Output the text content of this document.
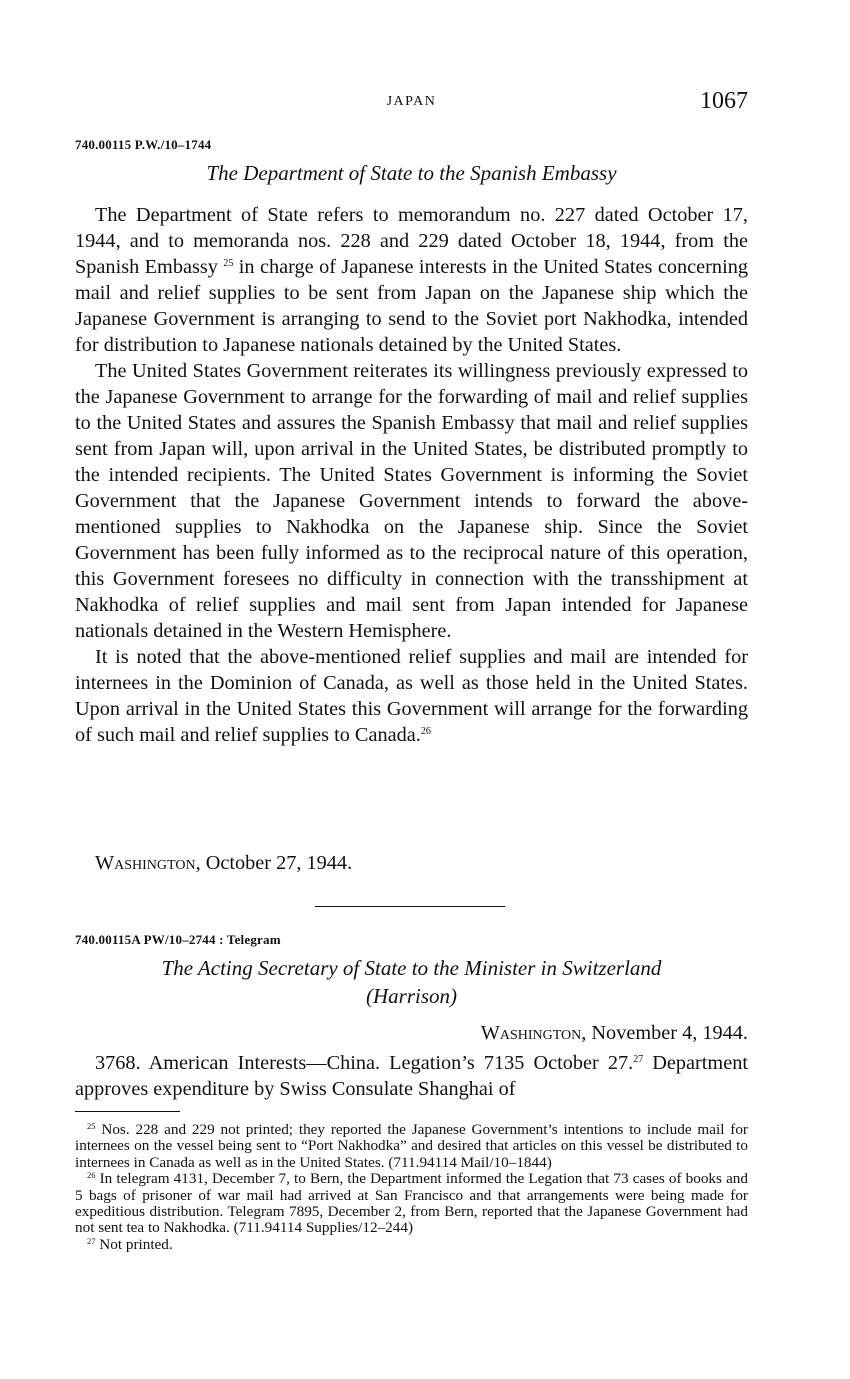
JAPAN	1067
740.00115 P.W./10–1744
The Department of State to the Spanish Embassy

The Department of State refers to memorandum no. 227 dated October 17, 1944, and to memoranda nos. 228 and 229 dated October 18, 1944, from the Spanish Embassy $^{25}$ in charge of Japanese interests in the United States concerning mail and relief supplies to be sent from Japan on the Japanese ship which the Japanese Government is arranging to send to the Soviet port Nakhodka, intended for distribution to Japanese nationals detained by the United States.

The United States Government reiterates its willingness previously expressed to the Japanese Government to arrange for the forwarding of mail and relief supplies to the United States and assures the Spanish Embassy that mail and relief supplies sent from Japan will, upon arrival in the United States, be distributed promptly to the intended recipients. The United States Government is informing the Soviet Government that the Japanese Government intends to forward the above-mentioned supplies to Nakhodka on the Japanese ship. Since the Soviet Government has been fully informed as to the reciprocal nature of this operation, this Government foresees no difficulty in connection with the transshipment at Nakhodka of relief supplies and mail sent from Japan intended for Japanese nationals detained in the Western Hemisphere.

It is noted that the above-mentioned relief supplies and mail are intended for internees in the Dominion of Canada, as well as those held in the United States. Upon arrival in the United States this Government will arrange for the forwarding of such mail and relief supplies to Canada.$^{26}$

Washington, October 27, 1944.
740.00115A PW/10–2744 : Telegram
The Acting Secretary of State to the Minister in Switzerland
(Harrison)
Washington, November 4, 1944.

3768. American Interests—China. Legation’s 7135 October 27.27 Department approves expenditure by Swiss Consulate Shanghai of

$^{25}$ Nos. 228 and 229 not printed; they reported the Japanese Government’s intentions to include mail for internees on the vessel being sent to “Port Nakhodka” and desired that articles on this vessel be distributed to internees in Canada as well as in the United States. (711.94114 Mail/10–1844)

$^{26}$ In telegram 4131, December 7, to Bern, the Department informed the Legation that 73 cases of books and 5 bags of prisoner of war mail had arrived at San Francisco and that arrangements were being made for expeditious distribution. Telegram 7895, December 2, from Bern, reported that the Japanese Government had not sent tea to Nakhodka. (711.94114 Supplies/12–244)

$^{27}$ Not printed.
